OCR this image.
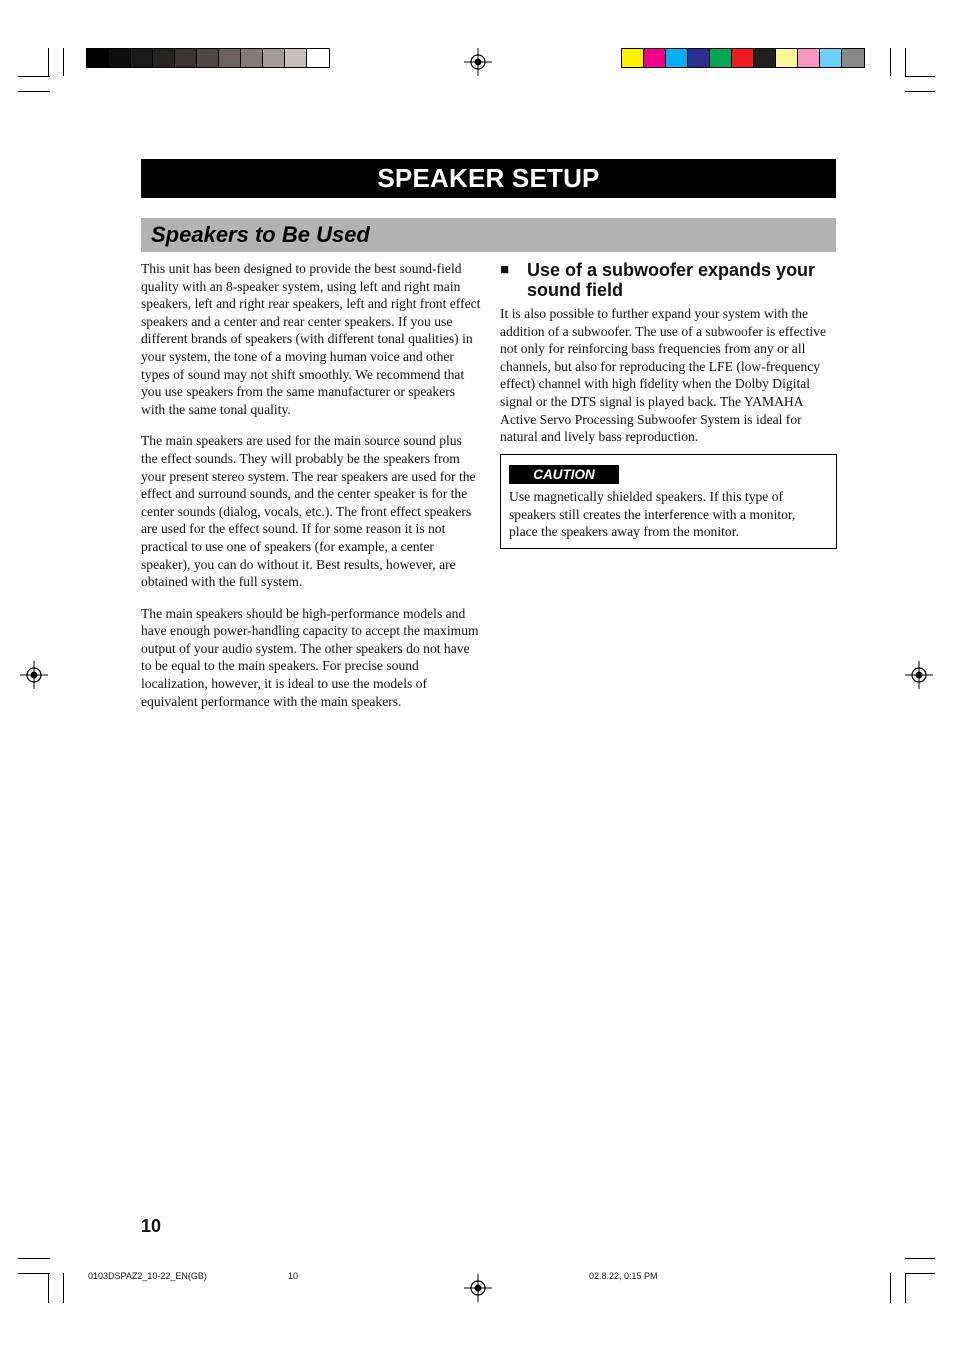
SPEAKER SETUP
Speakers to Be Used

This unit has been designed to provide the best sound-field quality with an 8-speaker system, using left and right main speakers, left and right rear speakers, left and right front effect speakers and a center and rear center speakers. If you use different brands of speakers (with different tonal qualities) in your system, the tone of a moving human voice and other types of sound may not shift smoothly. We recommend that you use speakers from the same manufacturer or speakers with the same tonal quality.

The main speakers are used for the main source sound plus the effect sounds. They will probably be the speakers from your present stereo system. The rear speakers are used for the effect and surround sounds, and the center speaker is for the center sounds (dialog, vocals, etc.). The front effect speakers are used for the effect sound. If for some reason it is not practical to use one of speakers (for example, a center speaker), you can do without it. Best results, however, are obtained with the full system.

The main speakers should be high-performance models and have enough power-handling capacity to accept the maximum output of your audio system. The other speakers do not have to be equal to the main speakers. For precise sound localization, however, it is ideal to use the models of equivalent performance with the main speakers.

■ Use of a subwoofer expands your sound field

It is also possible to further expand your system with the addition of a subwoofer. The use of a subwoofer is effective not only for reinforcing bass frequencies from any or all channels, but also for reproducing the LFE (low-frequency effect) channel with high fidelity when the Dolby Digital signal or the DTS signal is played back. The YAMAHA Active Servo Processing Subwoofer System is ideal for natural and lively bass reproduction.

CAUTION

Use magnetically shielded speakers. If this type of speakers still creates the interference with a monitor, place the speakers away from the monitor.

10
0103DSPAZ2_10-22_EN(GB)	10	02.8.22, 0:15 PM
